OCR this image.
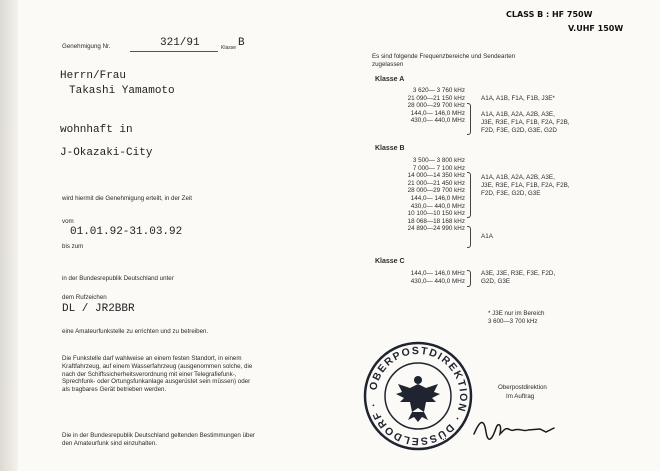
CLASS B : HF 750W
V.UHF 150W
Genehmigung Nr.	321/91	Klasse B
Herrn/Frau
Takashi Yamamoto
wohnhaft in
J-Okazaki-City
wird hiermit die Genehmigung erteilt, in der Zeit
vom
01.01.92-31.03.92
bis zum
in der Bundesrepublik Deutschland unter
dem Rufzeichen
DL / JR2BBR
eine Amateurfunkstelle zu errichten und zu betreiben.
Die Funkstelle darf wahlweise an einem festen Standort, in einem Kraftfahrzeug, auf einem Wasserfahrzeug (ausgenommen solche, die nach der Schiffssicherheitsverordnung mit einer Telegrafiefunk-, Sprechfunk- oder Ortungsfunkanlage ausgerüstet sein müssen) oder als tragbares Gerät betrieben werden.
Die in der Bundesrepublik Deutschland geltenden Bestimmungen über den Amateurfunk sind einzuhalten.
Es sind folgende Frequenzbereiche und Sendearten
zugelassen
Klasse A
3 620— 3 760 kHz
21 090—21 150 kHz
28 000—29 700 kHz
144,0— 146,0 MHz
430,0— 440,0 MHz
A1A, A1B, F1A, F1B, J3E*
A1A, A1B, A2A, A2B, A3E,
J3E, R3E, F1A, F1B, F2A, F2B,
F2D, F3E, G2D, G3E, G2D
Klasse B
3 500— 3 800 kHz
7 000— 7 100 kHz
14 000—14 350 kHz
21 000—21 450 kHz
28 000—29 700 kHz
144,0— 146,0 MHz
430,0— 440,0 MHz
10 100—10 150 kHz
18 068—18 168 kHz
24 890—24 990 kHz
A1A, A1B, A2A, A2B, A3E,
J3E, R3E, F1A, F1B, F2A, F2B,
F2D, F3E, G2D, G3E
A1A
Klasse C
144,0— 146,0 MHz
430,0— 440,0 MHz
A3E, J3E, R3E, F3E, F2D,
G2D, G3E
* J3E nur im Bereich
3 600—3 700 kHz
OBERPOSTDIREKTION · DÜSSELDORF ·
Oberpostdirektion
Im Auftrag
